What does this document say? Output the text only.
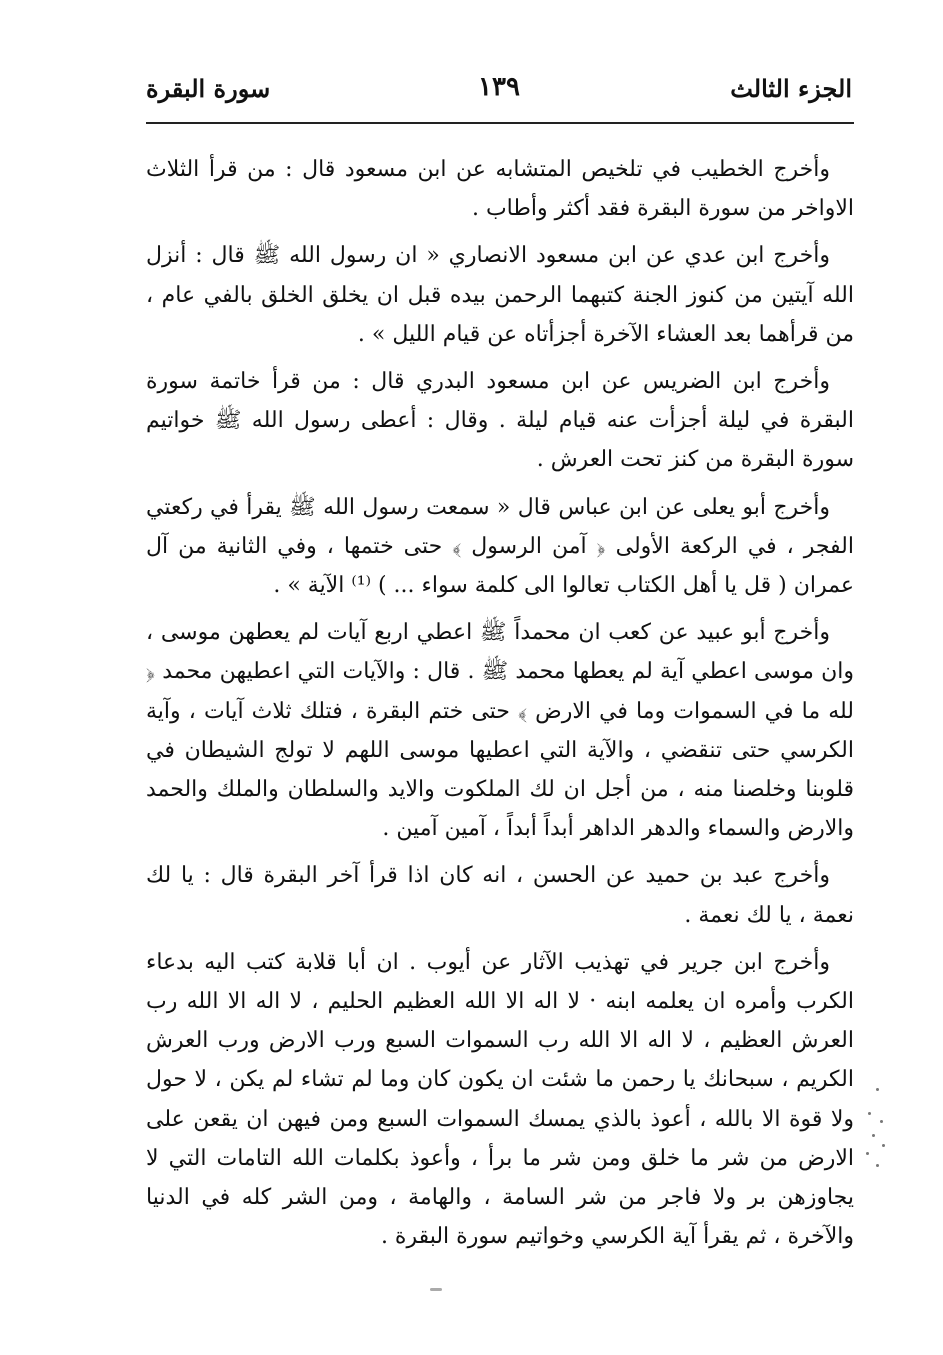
الجزء الثالث
١٣٩
سورة البقرة

وأخرج الخطيب في تلخيص المتشابه عن ابن مسعود قال : من قرأ الثلاث الاواخر من سورة البقرة فقد أكثر وأطاب .

وأخرج ابن عدي عن ابن مسعود الانصاري « ان رسول الله ﷺ قال : أنزل الله آيتين من كنوز الجنة كتبهما الرحمن بيده قبل ان يخلق الخلق بالفي عام ، من قرأهما بعد العشاء الآخرة أجزأتاه عن قيام الليل » .

وأخرج ابن الضريس عن ابن مسعود البدري قال : من قرأ خاتمة سورة البقرة في ليلة أجزأت عنه قيام ليلة . وقال : أعطى رسول الله ﷺ خواتيم سورة البقرة من كنز تحت العرش .

وأخرج أبو يعلى عن ابن عباس قال « سمعت رسول الله ﷺ يقرأ في ركعتي الفجر ، في الركعة الأولى ﴿ آمن الرسول ﴾ حتى ختمها ، وفي الثانية من آل عمران ( قل يا أهل الكتاب تعالوا الى كلمة سواء ... ) ⁽¹⁾ الآية » .

وأخرج أبو عبيد عن كعب ان محمداً ﷺ اعطي اربع آيات لم يعطهن موسى ، وان موسى اعطي آية لم يعطها محمد ﷺ . قال : والآيات التي اعطيهن محمد ﴿ لله ما في السموات وما في الارض ﴾ حتى ختم البقرة ، فتلك ثلاث آيات ، وآية الكرسي حتى تنقضي ، والآية التي اعطيها موسى اللهم لا تولج الشيطان في قلوبنا وخلصنا منه ، من أجل ان لك الملكوت والايد والسلطان والملك والحمد والارض والسماء والدهر الداهر أبداً أبداً ، آمين آمين .

وأخرج عبد بن حميد عن الحسن ، انه كان اذا قرأ آخر البقرة قال : يا لك نعمة ، يا لك نعمة .

وأخرج ابن جرير في تهذيب الآثار عن أيوب . ان أبا قلابة كتب اليه بدعاء الكرب وأمره ان يعلمه ابنه · لا اله الا الله العظيم الحليم ، لا اله الا الله رب العرش العظيم ، لا اله الا الله رب السموات السبع ورب الارض ورب العرش الكريم ، سبحانك يا رحمن ما شئت ان يكون كان وما لم تشاء لم يكن ، لا حول ولا قوة الا بالله ، أعوذ بالذي يمسك السموات السبع ومن فيهن ان يقعن على الارض من شر ما خلق ومن شر ما برأ ، وأعوذ بكلمات الله التامات التي لا يجاوزهن بر ولا فاجر من شر السامة ، والهامة ، ومن الشر كله في الدنيا والآخرة ، ثم يقرأ آية الكرسي وخواتيم سورة البقرة .
